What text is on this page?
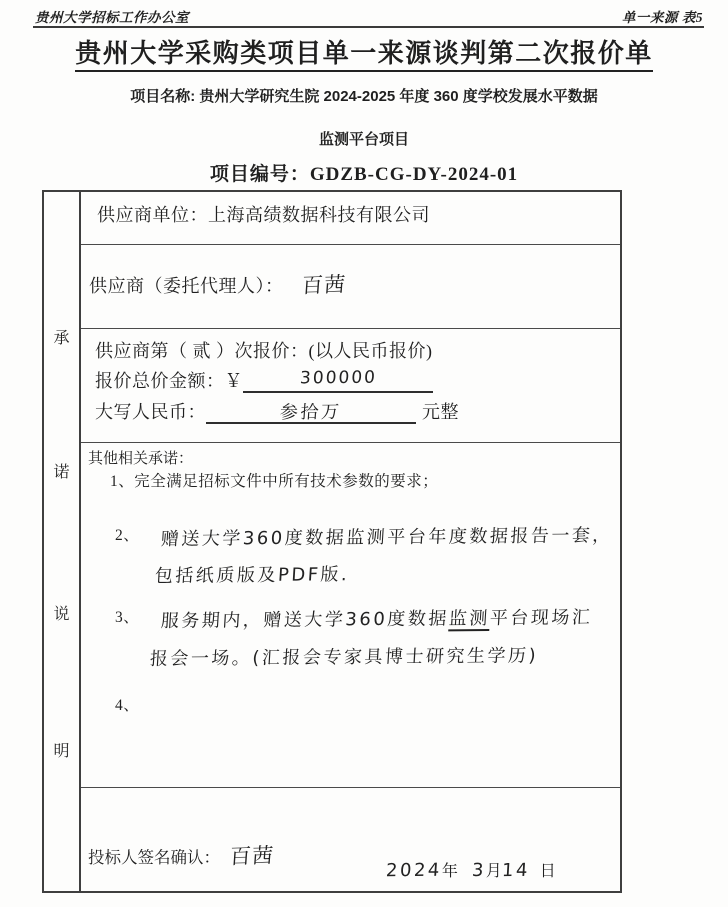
贵州大学招标工作办公室	单一来源 表5
贵州大学采购类项目单一来源谈判第二次报价单
项目名称: 贵州大学研究生院 2024-2025 年度 360 度学校发展水平数据
监测平台项目
项目编号：GDZB-CG-DY-2024-01
承
诺
说
明
供应商单位：上海高绩数据科技有限公司
供应商（委托代理人）： 百茜
供应商第（ 贰 ）次报价：(以人民币报价)
报价总价金额：￥	300000
大写人民币：	参拾万	元整
其他相关承诺：
1、完全满足招标文件中所有技术参数的要求；
2、 赠送大学360度数据监测平台年度数据报告一套，
包括纸质版及PDF版.
3、 服务期内，赠送大学360度数据监测平台现场汇
报会一场。(汇报会专家具博士研究生学历)
4、
投标人签名确认： 百茜
2024年 3月14 日
